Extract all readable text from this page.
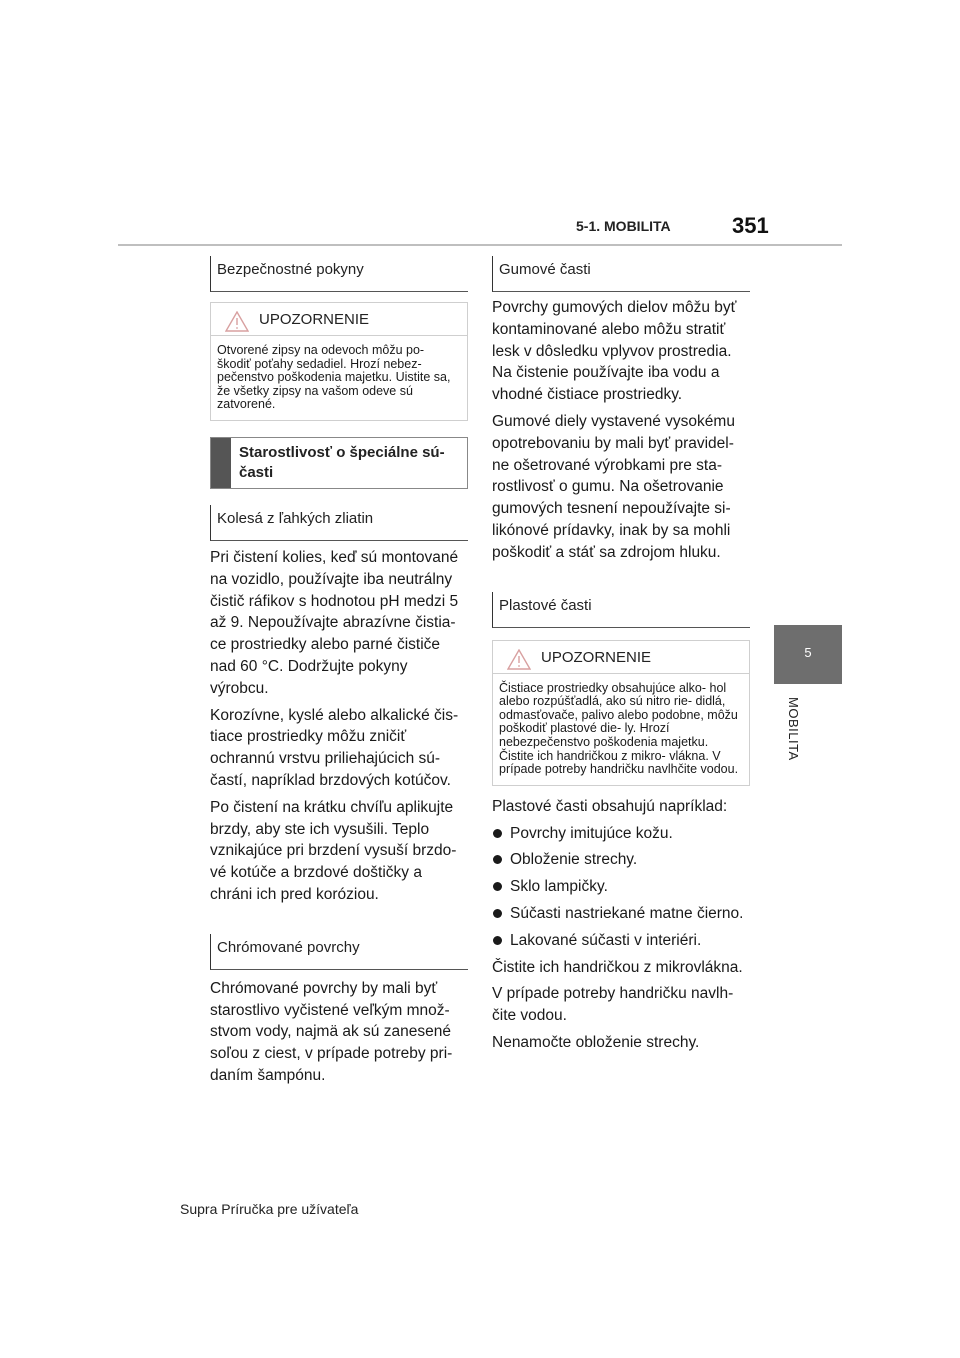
5-1. MOBILITA	351
5
MOBILITA
Bezpečnostné pokyny
UPOZORNENIE
Otvorené zipsy na odevoch môžu po- škodiť poťahy sedadiel. Hrozí nebez- pečenstvo poškodenia majetku. Uistite sa, že všetky zipsy na vašom odeve sú zatvorené.
Starostlivosť o špeciálne sú- časti
Kolesá z ľahkých zliatin

Pri čistení kolies, keď sú montované na vozidlo, používajte iba neutrálny čistič ráfikov s hodnotou pH medzi 5 až 9. Nepoužívajte abrazívne čistia- ce prostriedky alebo parné čističe nad 60 °C. Dodržujte pokyny výrobcu.

Korozívne, kyslé alebo alkalické čis- tiace prostriedky môžu zničiť ochrannú vrstvu priliehajúcich sú- častí, napríklad brzdových kotúčov.

Po čistení na krátku chvíľu aplikujte brzdy, aby ste ich vysušili. Teplo vznikajúce pri brzdení vysuší brzdo- vé kotúče a brzdové doštičky a chráni ich pred koróziou.

Chrómované povrchy

Chrómované povrchy by mali byť starostlivo vyčistené veľkým množ- stvom vody, najmä ak sú zanesené soľou z ciest, v prípade potreby pri- daním šampónu.

Gumové časti

Povrchy gumových dielov môžu byť kontaminované alebo môžu stratiť lesk v dôsledku vplyvov prostredia. Na čistenie používajte iba vodu a vhodné čistiace prostriedky.

Gumové diely vystavené vysokému opotrebovaniu by mali byť pravidel- ne ošetrované výrobkami pre sta- rostlivosť o gumu. Na ošetrovanie gumových tesnení nepoužívajte si- likónové prídavky, inak by sa mohli poškodiť a stáť sa zdrojom hluku.

Plastové časti
UPOZORNENIE
Čistiace prostriedky obsahujúce alko- hol alebo rozpúšťadlá, ako sú nitro rie- didlá, odmasťovače, palivo alebo podobne, môžu poškodiť plastové die- ly. Hrozí nebezpečenstvo poškodenia majetku. Čistite ich handričkou z mikro- vlákna. V prípade potreby handričku navlhčite vodou.

Plastové časti obsahujú napríklad:

Povrchy imitujúce kožu.
Obloženie strechy.
Sklo lampičky.
Súčasti nastriekané matne čierno.
Lakované súčasti v interiéri.

Čistite ich handričkou z mikrovlákna.

V prípade potreby handričku navlh- čite vodou.

Nenamočte obloženie strechy.

Supra Príručka pre užívateľa
